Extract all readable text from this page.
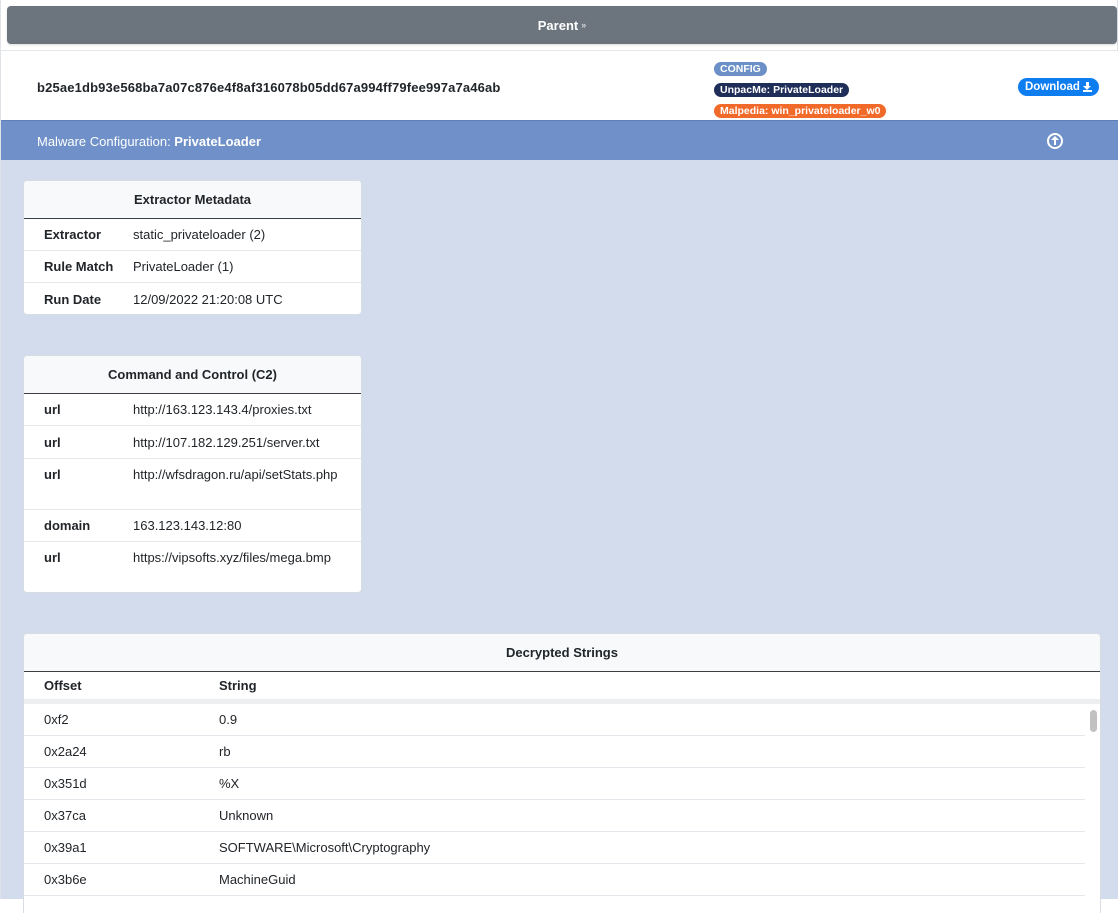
Parent »
b25ae1db93e568ba7a07c876e4f8af316078b05dd67a994ff79fee997a7a46ab
CONFIG
UnpacMe: PrivateLoader
Malpedia: win_privateloader_w0
Download
Malware Configuration: PrivateLoader
Extractor Metadata
Extractor	static_privateloader (2)
Rule Match	PrivateLoader (1)
Run Date	12/09/2022 21:20:08 UTC
Command and Control (C2)
url	http://163.123.143.4/proxies.txt
url	http://107.182.129.251/server.txt
url	http://wfsdragon.ru/api/setStats.php
domain	163.123.143.12:80
url	https://vipsofts.xyz/files/mega.bmp
Decrypted Strings
Offset	String
0xf2	0.9
0x2a24	rb
0x351d	%X
0x37ca	Unknown
0x39a1	SOFTWARE\Microsoft\Cryptography
0x3b6e	MachineGuid
